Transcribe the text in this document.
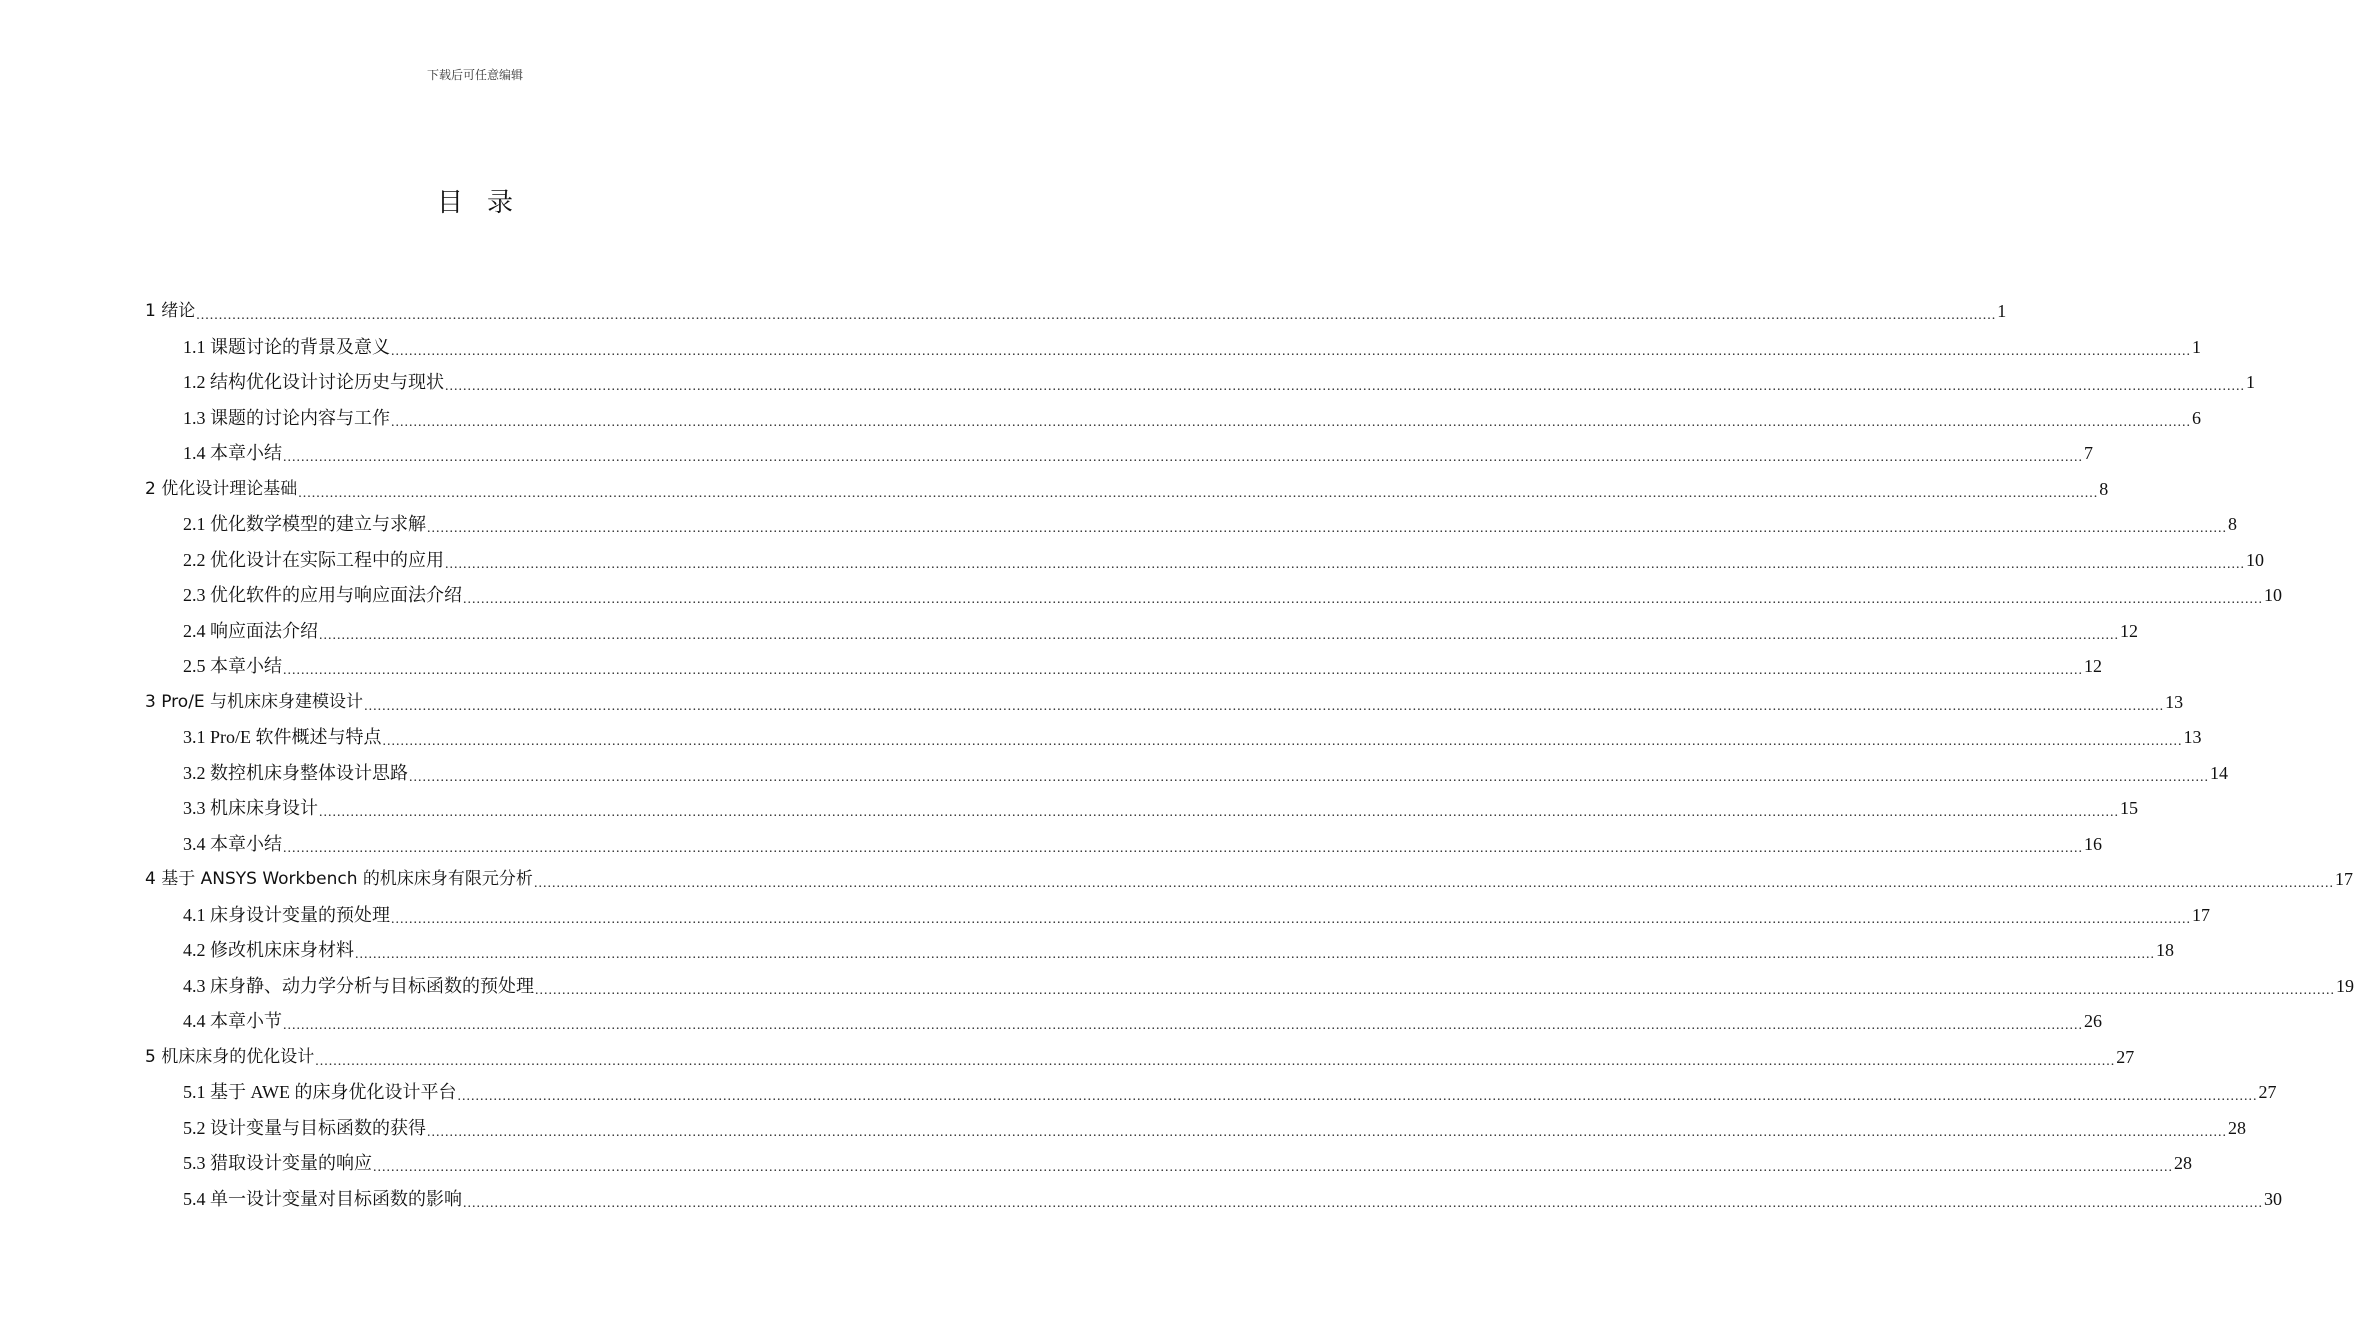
下载后可任意编辑
目录
1 绪论 ................................................................................................................................................................................................................................................................................................................................................................................................................ 1
1.1 课题讨论的背景及意义 ................................................................................................................................................................................................................................................................................................................................................................................................................ 1
1.2 结构优化设计讨论历史与现状 ................................................................................................................................................................................................................................................................................................................................................................................................................ 1
1.3 课题的讨论内容与工作 ................................................................................................................................................................................................................................................................................................................................................................................................................ 6
1.4 本章小结 ................................................................................................................................................................................................................................................................................................................................................................................................................ 7
2 优化设计理论基础 ................................................................................................................................................................................................................................................................................................................................................................................................................ 8
2.1 优化数学模型的建立与求解 ................................................................................................................................................................................................................................................................................................................................................................................................................ 8
2.2 优化设计在实际工程中的应用 ................................................................................................................................................................................................................................................................................................................................................................................................................ 10
2.3 优化软件的应用与响应面法介绍 ................................................................................................................................................................................................................................................................................................................................................................................................................ 10
2.4 响应面法介绍 ................................................................................................................................................................................................................................................................................................................................................................................................................ 12
2.5 本章小结 ................................................................................................................................................................................................................................................................................................................................................................................................................ 12
3 Pro/E 与机床床身建模设计 ................................................................................................................................................................................................................................................................................................................................................................................................................ 13
3.1 Pro/E 软件概述与特点 ................................................................................................................................................................................................................................................................................................................................................................................................................ 13
3.2 数控机床身整体设计思路 ................................................................................................................................................................................................................................................................................................................................................................................................................ 14
3.3 机床床身设计 ................................................................................................................................................................................................................................................................................................................................................................................................................ 15
3.4 本章小结 ................................................................................................................................................................................................................................................................................................................................................................................................................ 16
4 基于 ANSYS Workbench 的机床床身有限元分析 ................................................................................................................................................................................................................................................................................................................................................................................................................ 17
4.1 床身设计变量的预处理 ................................................................................................................................................................................................................................................................................................................................................................................................................ 17
4.2 修改机床床身材料 ................................................................................................................................................................................................................................................................................................................................................................................................................ 18
4.3 床身静、动力学分析与目标函数的预处理 ................................................................................................................................................................................................................................................................................................................................................................................................................ 19
4.4 本章小节 ................................................................................................................................................................................................................................................................................................................................................................................................................ 26
5 机床床身的优化设计 ................................................................................................................................................................................................................................................................................................................................................................................................................ 27
5.1 基于 AWE 的床身优化设计平台 ................................................................................................................................................................................................................................................................................................................................................................................................................ 27
5.2 设计变量与目标函数的获得 ................................................................................................................................................................................................................................................................................................................................................................................................................ 28
5.3 猎取设计变量的响应 ................................................................................................................................................................................................................................................................................................................................................................................................................ 28
5.4 单一设计变量对目标函数的影响 ................................................................................................................................................................................................................................................................................................................................................................................................................ 30
